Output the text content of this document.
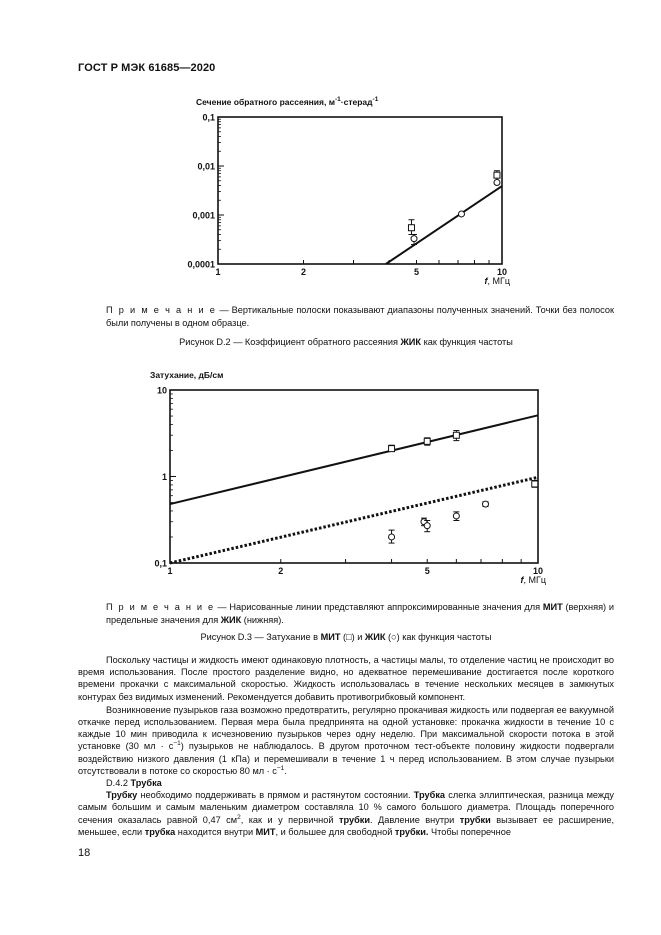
ГОСТ Р МЭК 61685—2020
0,1
0,01
0,001
0,0001
1	2	5	10
f, МГц
Сечение обратного рассеяния, $м^{-1}\cdot стерад^{-1}$
П р и м е ч а н и е — Вертикальные полоски показывают диапазоны полученных значений. Точки без полосок были получены в одном образце.
Рисунок D.2 — Коэффициент обратного рассеяния ЖИК как функция частоты
10
1
0,1
1	2	5	10
f, МГц
Затухание, дБ/см
П р и м е ч а н и е — Нарисованные линии представляют аппроксимированные значения для МИТ (верхняя) и предельные значения для ЖИК (нижняя).
Рисунок D.3 — Затухание в МИТ (□) и ЖИК (○) как функция частоты

Поскольку частицы и жидкость имеют одинаковую плотность, а частицы малы, то отделение частиц не происходит во время использования. После простого разделение видно, но адекватное перемешивание достигается после короткого времени прокачки с максимальной скоростью. Жидкость использовалась в течение нескольких месяцев в замкнутых контурах без видимых изменений. Рекомендуется добавить противогрибковый компонент.

Возникновение пузырьков газа возможно предотвратить, регулярно прокачивая жидкость или подвергая ее вакуумной откачке перед использованием. Первая мера была предпринята на одной установке: прокачка жидкости в течение 10 с каждые 10 мин приводила к исчезновению пузырьков через одну неделю. При максимальной скорости потока в этой установке (30 мл · $с^{-1}$) пузырьков не наблюдалось. В другом проточном тест-объекте половину жидкости подвергали воздействию низкого давления (1 кПа) и перемешивали в течение 1 ч перед использованием. В этом случае пузырьки отсутствовали в потоке со скоростью 80 мл · $с^{-1}$.

D.4.2 Трубка

Трубку необходимо поддерживать в прямом и растянутом состоянии. Трубка слегка эллиптическая, разница между самым большим и самым маленьким диаметром составляла 10 % самого большого диаметра. Площадь поперечного сечения оказалась равной 0,47 $см^2$, как и у первичной трубки. Давление внутри трубки вызывает ее расширение, меньшее, если трубка находится внутри МИТ, и большее для свободной трубки. Чтобы поперечное

18
